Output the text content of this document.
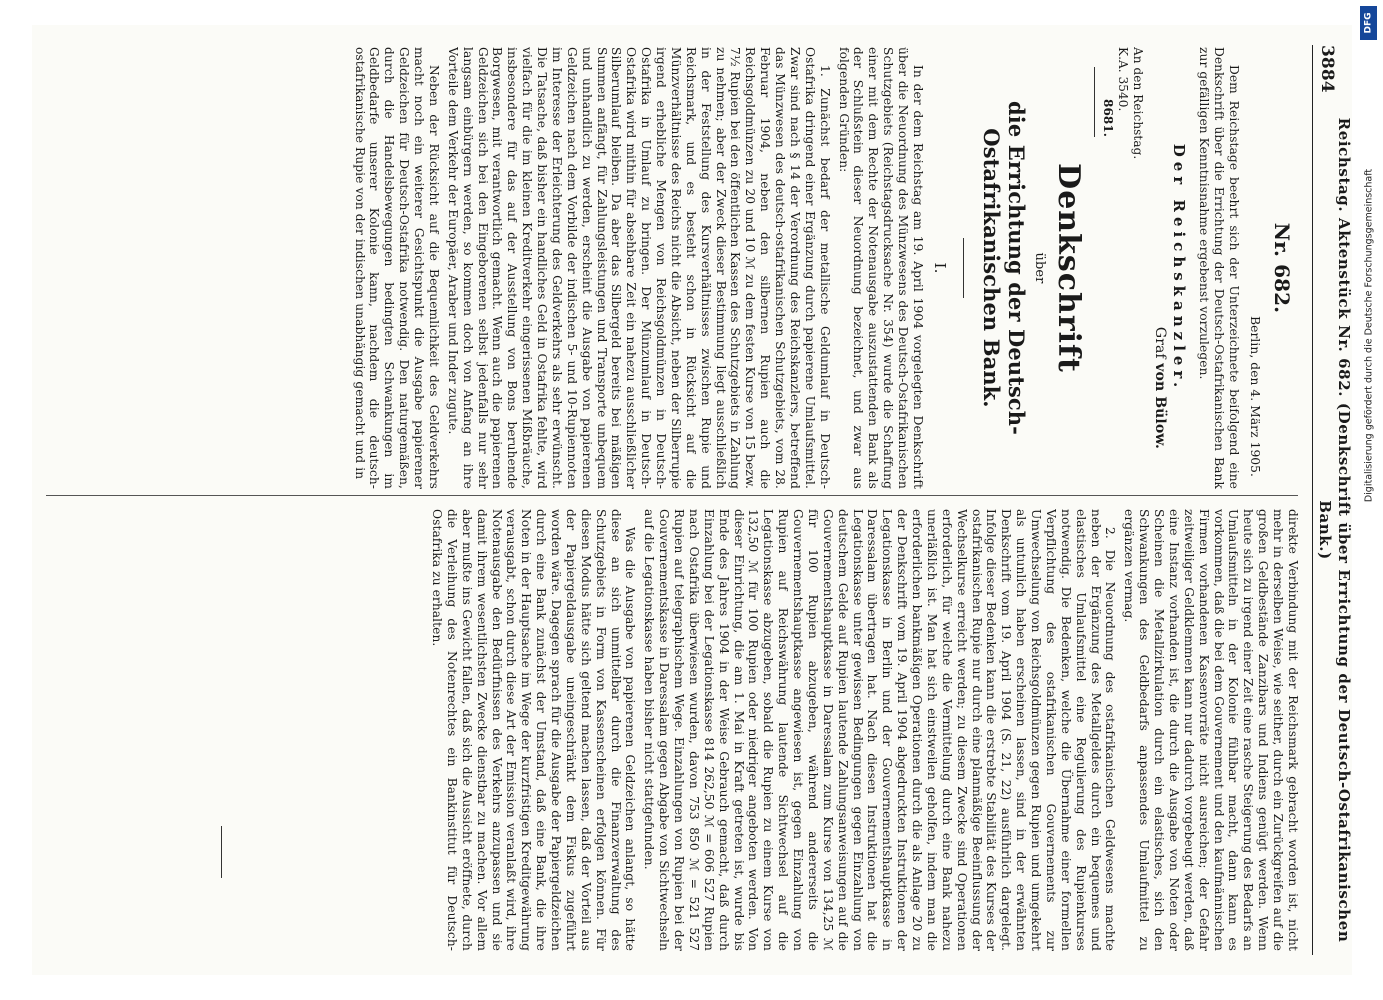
3884
Reichstag. Aktenstück Nr. 682. (Denkschrift über Errichtung der Deutsch-Ostafrikanischen Bank.)
Nr. 682.
Berlin, den 4. März 1905.

Dem Reichstage beehrt sich der Unterzeichnete beifolgend eine Denkschrift über die Errichtung der Deutsch-Ostafrikanischen Bank zur gefälligen Kenntnisnahme ergebenst vorzulegen.

Der Reichskanzler.
Graf von Bülow.
An den Reichstag.
K.A. 3540.
8681.
Denkschrift
über
die Errichtung der Deutsch-Ostafrikanischen Bank.
I.

In der dem Reichstag am 19. April 1904 vorgelegten Denkschrift über die Neuordnung des Münzwesens des Deutsch-Ostafrikanischen Schutzgebiets (Reichstagsdrucksache Nr. 354) wurde die Schaffung einer mit dem Rechte der Notenausgabe auszustattenden Bank als der Schlußstein dieser Neuordnung bezeichnet, und zwar aus folgenden Gründen:

1. Zunächst bedarf der metallische Geldumlauf in Deutsch-Ostafrika dringend einer Ergänzung durch papierene Umlaufsmittel. Zwar sind nach § 14 der Verordnung des Reichskanzlers, betreffend das Münzwesen des deutsch-ostafrikanischen Schutzgebiets, vom 28. Februar 1904, neben den silbernen Rupien auch die Reichsgoldmünzen zu 20 und 10 ℳ zu dem festen Kurse von 15 bezw. 7½ Rupien bei den öffentlichen Kassen des Schutzgebiets in Zahlung zu nehmen; aber der Zweck dieser Bestimmung liegt ausschließlich in der Feststellung des Kursverhältnisses zwischen Rupie und Reichsmark, und es besteht schon in Rücksicht auf die Münzverhältnisse des Reichs nicht die Absicht, neben der Silberrupie irgend erhebliche Mengen von Reichsgoldmünzen in Deutsch-Ostafrika in Umlauf zu bringen. Der Münzumlauf in Deutsch-Ostafrika wird mithin für absehbare Zeit ein nahezu ausschließlicher Silberumlauf bleiben. Da aber das Silbergeld bereits bei mäßigen Summen anfängt, für Zahlungsleistungen und Transporte unbequem und unhandlich zu werden, erscheint die Ausgabe von papierenen Geldzeichen nach dem Vorbilde der indischen 5- und 10-Rupiennoten im Interesse der Erleichterung des Geldverkehrs als sehr erwünscht. Die Tatsache, daß bisher ein handliches Geld in Ostafrika fehlte, wird vielfach für die im kleinen Kreditverkehr eingerissenen Mißbräuche, insbesondere für das auf der Ausstellung von Bons beruhende Borgwesen, mit verantwortlich gemacht. Wenn auch die papierenen Geldzeichen sich bei den Eingeborenen selbst jedenfalls nur sehr langsam einbürgern werden, so kommen doch von Anfang an ihre Vorteile dem Verkehr der Europäer, Araber und Inder zugute.

Neben der Rücksicht auf die Bequemlichkeit des Geldverkehrs macht noch ein weiterer Gesichtspunkt die Ausgabe papierener Geldzeichen für Deutsch-Ostafrika notwendig. Den naturgemäßen, durch die Handelsbewegungen bedingten Schwankungen im Geldbedarfe unserer Kolonie kann, nachdem die deutsch-ostafrikanische Rupie von der indischen unabhängig gemacht und in

direkte Verbindung mit der Reichsmark gebracht worden ist, nicht mehr in derselben Weise, wie seither, durch ein Zurückgreifen auf die großen Geldbestände Zanzibars und Indiens genügt werden. Wenn heute sich zu irgend einer Zeit eine rasche Steigerung des Bedarfs an Umlaufsmitteln in der Kolonie fühlbar macht, dann kann es vorkommen, daß die bei dem Gouvernement und den kaufmännischen Firmen vorhandenen Kassenvorräte nicht ausreichen; der Gefahr zeitweiliger Geldklemmen kann nur dadurch vorgebeugt werden, daß eine Instanz vorhanden ist, die durch die Ausgabe von Noten oder Scheinen die Metallzirkulation durch ein elastisches, sich den Schwankungen des Geldbedarfs anpassendes Umlaufmittel zu ergänzen vermag.

2. Die Neuordnung des ostafrikanischen Geldwesens machte neben der Ergänzung des Metallgeldes durch ein bequemes und elastisches Umlaufsmittel eine Regulierung des Rupienkurses notwendig. Die Bedenken, welche die Übernahme einer formellen Verpflichtung des ostafrikanischen Gouvernements zur Umwechselung von Reichsgoldmünzen gegen Rupien und umgekehrt als untunlich haben erscheinen lassen, sind in der erwähnten Denkschrift vom 19. April 1904 (S. 21, 22) ausführlich dargelegt. Infolge dieser Bedenken kann die erstrebte Stabilität des Kurses der ostafrikanischen Rupie nur durch eine planmäßige Beeinflussung der Wechselkurse erreicht werden; zu diesem Zwecke sind Operationen erforderlich, für welche die Vermittelung durch eine Bank nahezu unerläßlich ist. Man hat sich einstweilen geholfen, indem man die erforderlichen bankmäßigen Operationen durch die als Anlage 20 zu der Denkschrift vom 19. April 1904 abgedruckten Instruktionen der Legationskasse in Berlin und der Gouvernementshauptkasse in Daressalam übertragen hat. Nach diesen Instruktionen hat die Legationskasse unter gewissen Bedingungen gegen Einzahlung von deutschem Gelde auf Rupien lautende Zahlungsanweisungen auf die Gouvernementshauptkasse in Daressalam zum Kurse von 134,25 ℳ für 100 Rupien abzugeben, während andererseits die Gouvernementshauptkasse angewiesen ist, gegen Einzahlung von Rupien auf Reichswährung lautende Sichtwechsel auf die Legationskasse abzugeben, sobald die Rupien zu einem Kurse von 132,50 ℳ für 100 Rupien oder niedriger angeboten werden. Von dieser Einrichtung, die am 1. Mai in Kraft getreten ist, wurde bis Ende des Jahres 1904 in der Weise Gebrauch gemacht, daß durch Einzahlung bei der Legationskasse 814 262,50 ℳ = 606 527 Rupien nach Ostafrika überwiesen wurden, davon 753 850 ℳ = 521 527 Rupien auf telegraphischem Wege. Einzahlungen von Rupien bei der Gouvernementskasse in Daressalam gegen Abgabe von Sichtwechseln auf die Legationskasse haben bisher nicht stattgefunden.

Was die Ausgabe von papierenen Geldzeichen anlangt, so hätte diese an sich unmittelbar durch die Finanzverwaltung des Schutzgebiets in Form von Kassenscheinen erfolgen können. Für diesen Modus hätte sich geltend machen lassen, daß der Vorteil aus der Papiergeldausgabe uneingeschränkt dem Fiskus zugeführt worden wäre. Dagegen sprach für die Ausgabe der Papiergeldzeichen durch eine Bank zunächst der Umstand, daß eine Bank, die ihre Noten in der Hauptsache im Wege der kurzfristigen Kreditgewährung verausgabt, schon durch diese Art der Emission veranlaßt wird, ihre Notenausgabe den Bedürfnissen des Verkehrs anzupassen und sie damit ihrem wesentlichsten Zwecke dienstbar zu machen. Vor allem aber mußte ins Gewicht fallen, daß sich die Aussicht eröffnete, durch die Verleihung des Notenrechtes ein Bankinstitut für Deutsch-Ostafrika zu erhalten.

DFG
Digitalisierung gefördert durch die Deutsche Forschungsgemeinschaft
